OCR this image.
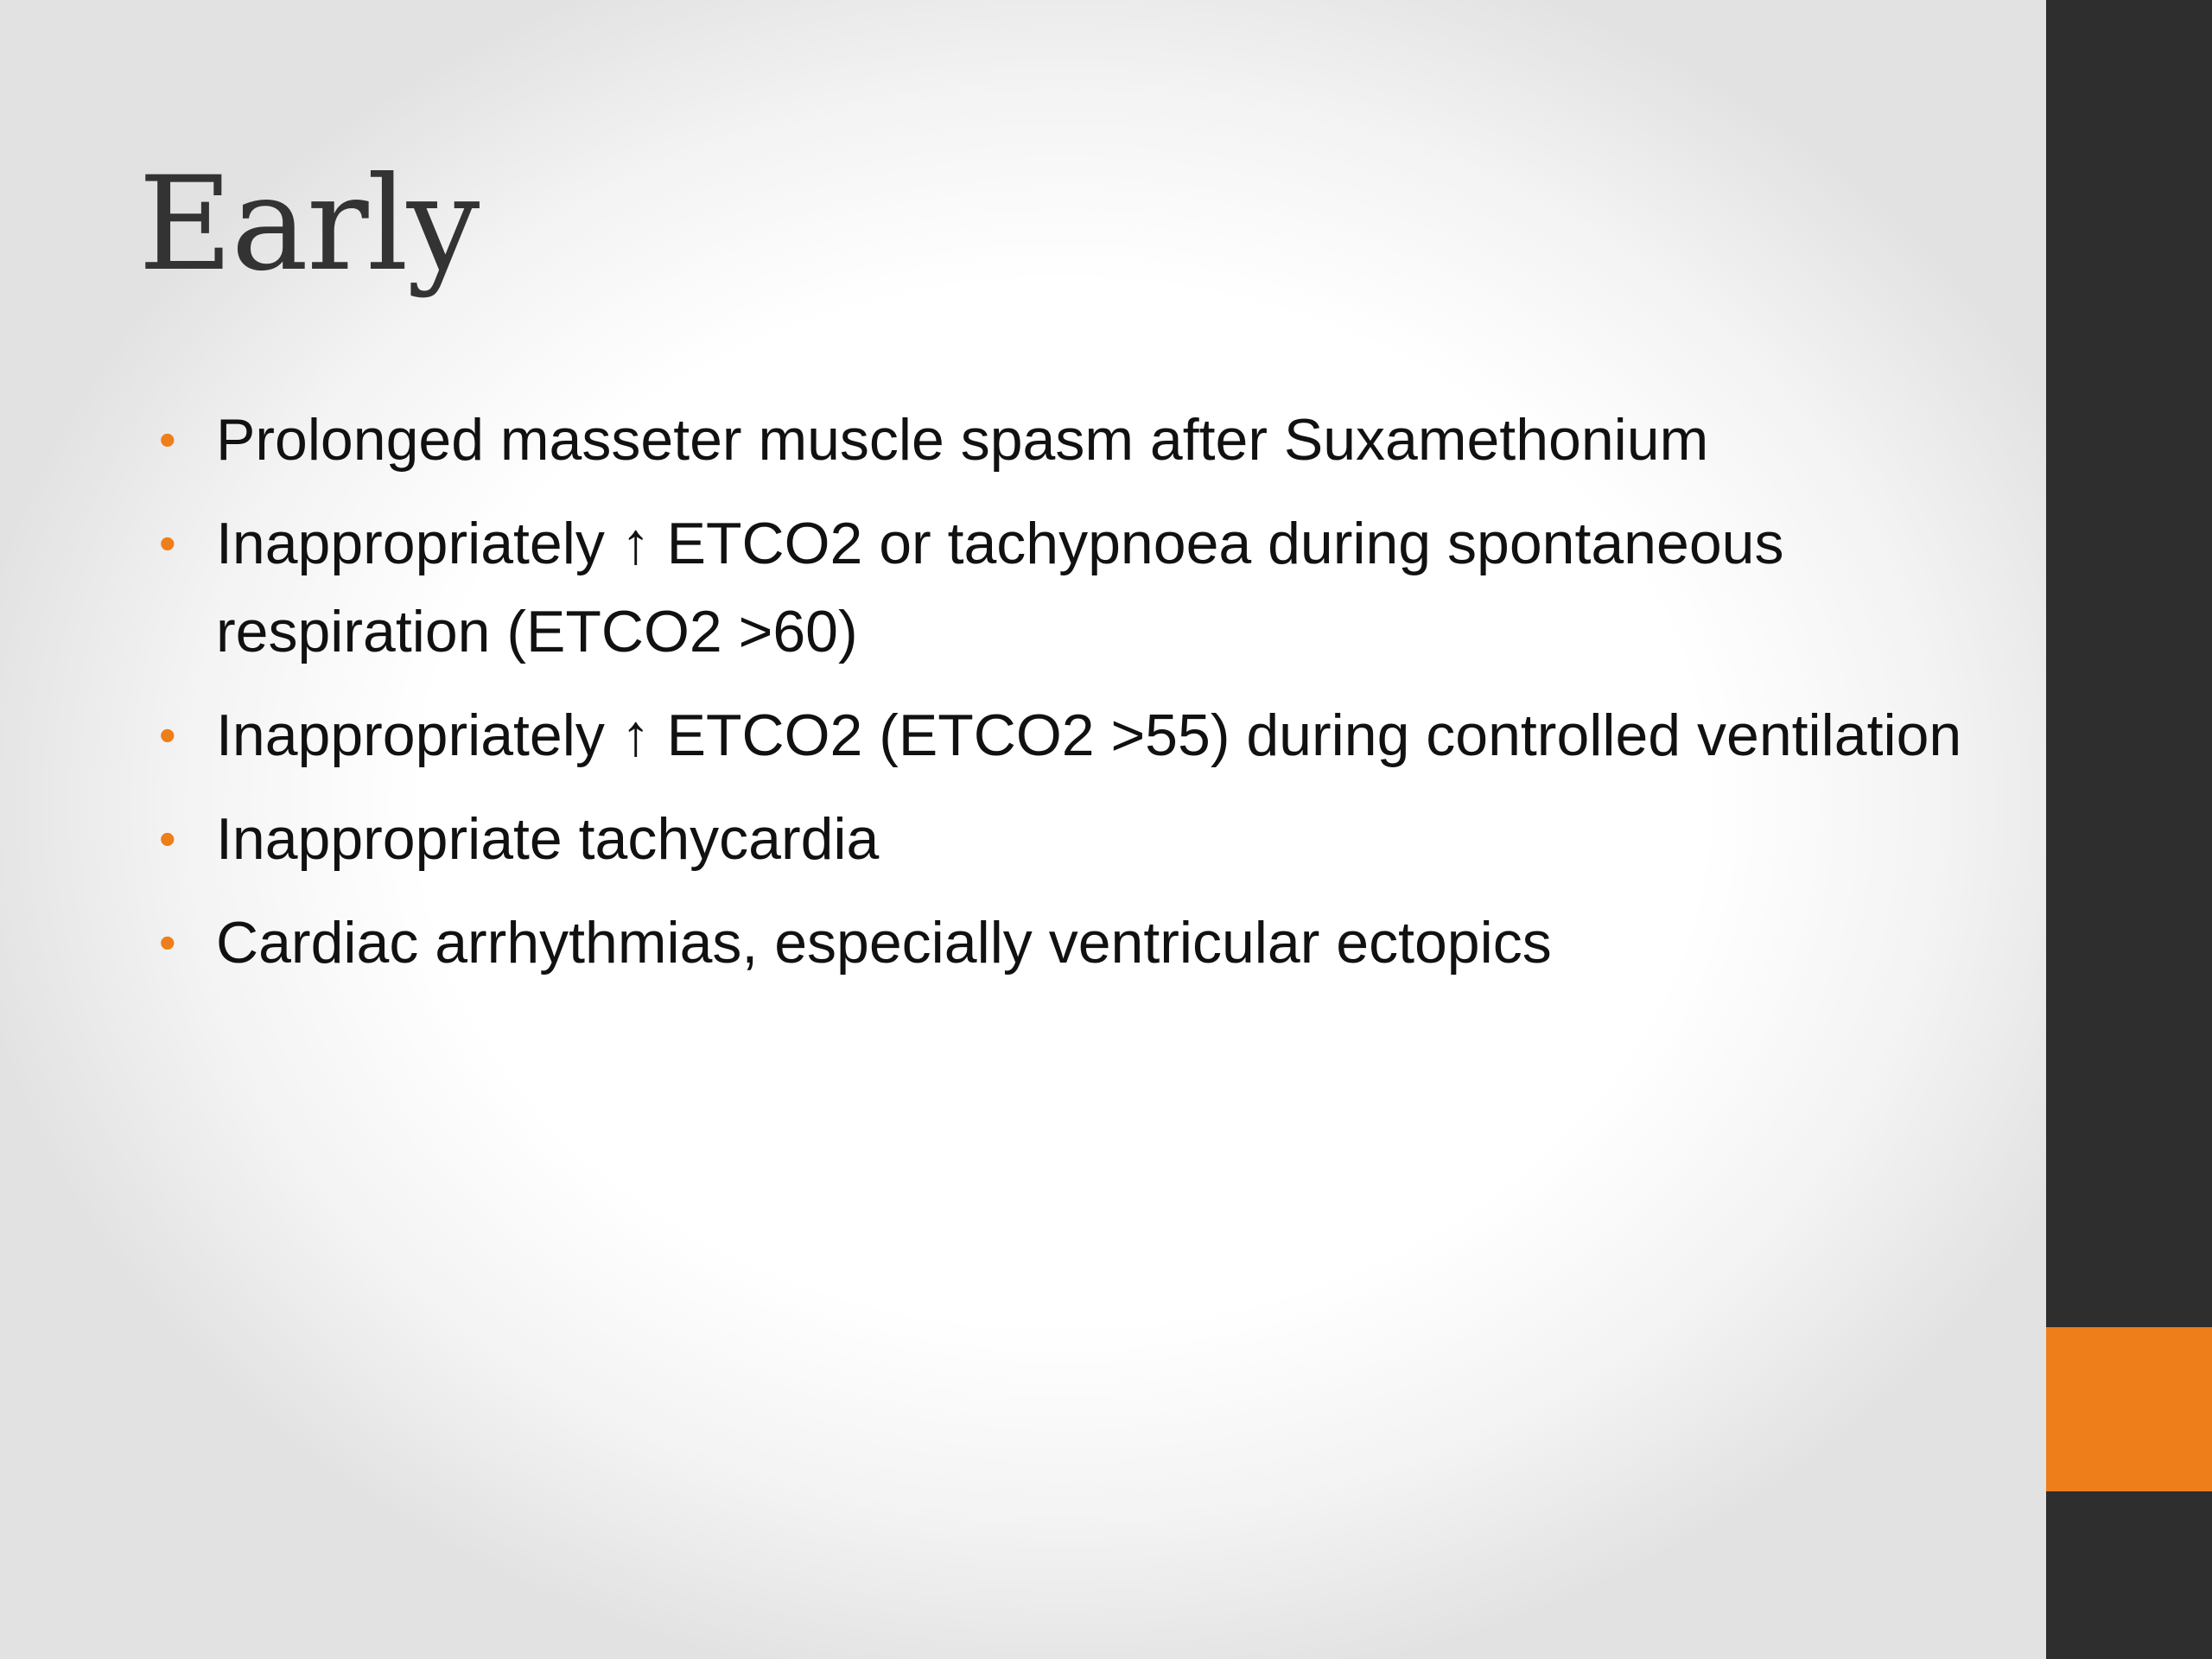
Early
• Prolonged masseter muscle spasm after Suxamethonium
• Inappropriately ↑ ETCO2 or tachypnoea during spontaneous respiration (ETCO2 >60)
• Inappropriately ↑ ETCO2 (ETCO2 >55) during controlled ventilation
• Inappropriate tachycardia
• Cardiac arrhythmias, especially ventricular ectopics
